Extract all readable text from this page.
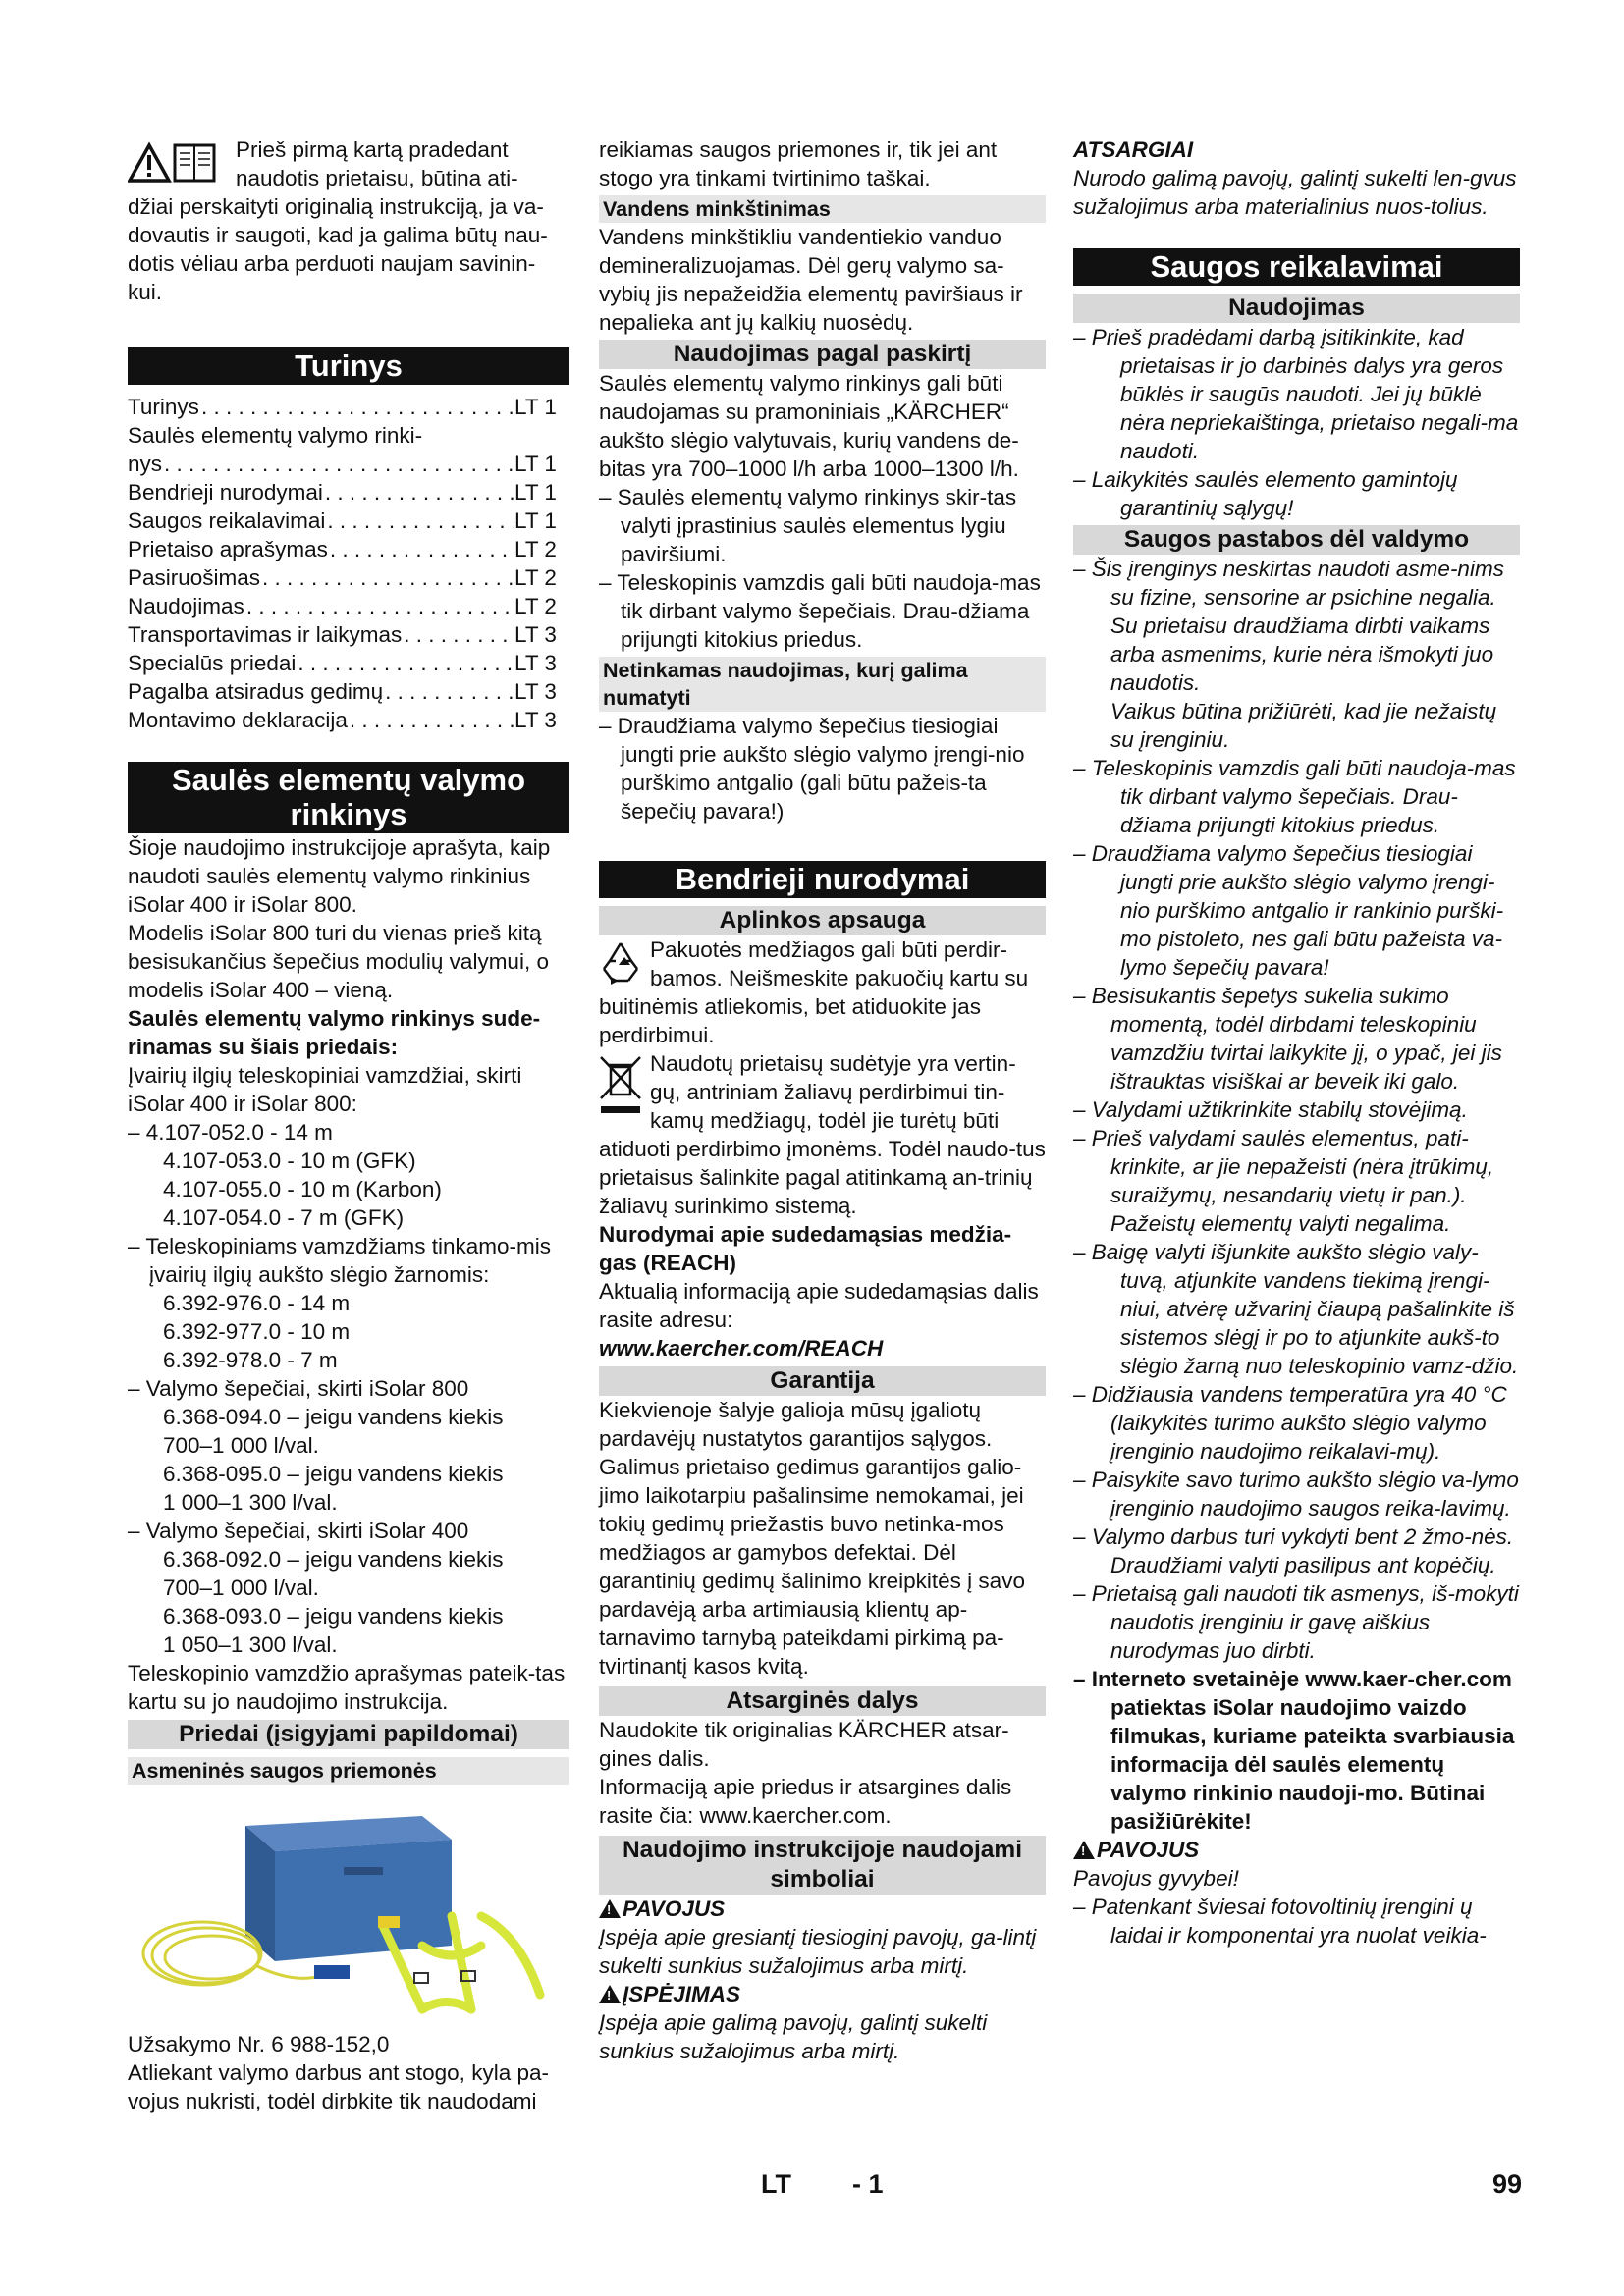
Prieš pirmą kartą pradedant

naudotis prietaisu, būtina ati-

džiai perskaityti originalią instrukciją, ja va-dovautis ir saugoti, kad ja galima būtų nau-dotis vėliau arba perduoti naujam savinin-kui.

Turinys

Turinys . . .	LT 1
Saulės elementų valymo rinki-
nys . . .	LT 1
Bendrieji nurodymai . . .	LT 1
Saugos reikalavimai . . .	LT 1
Prietaiso aprašymas . . .	LT 2
Pasiruošimas . . .	LT 2
Naudojimas . . .	LT 2
Transportavimas ir laikymas . . .	LT 3
Specialūs priedai . . .	LT 3
Pagalba atsiradus gedimų . . .	LT 3
Montavimo deklaracija . . .	LT 3

Saulės elementų valymo rinkinys

Šioje naudojimo instrukcijoje aprašyta, kaip naudoti saulės elementų valymo rinkinius iSolar 400 ir iSolar 800.

Modelis iSolar 800 turi du vienas prieš kitą besisukančius šepečius modulių valymui, o modelis iSolar 400 – vieną.

Saulės elementų valymo rinkinys sude-rinamas su šiais priedais:

Įvairių ilgių teleskopiniai vamzdžiai, skirti iSolar 400 ir iSolar 800:

– 4.107-052.0 - 14 m

4.107-053.0 - 10 m (GFK)

4.107-055.0 - 10 m (Karbon)

4.107-054.0 - 7 m (GFK)

– Teleskopiniams vamzdžiams tinkamo-mis įvairių ilgių aukšto slėgio žarnomis:

6.392-976.0 - 14 m

6.392-977.0 - 10 m

6.392-978.0 - 7 m

– Valymo šepečiai, skirti iSolar 800

6.368-094.0 – jeigu vandens kiekis

700–1 000 l/val.

6.368-095.0 – jeigu vandens kiekis

1 000–1 300 l/val.

– Valymo šepečiai, skirti iSolar 400

6.368-092.0 – jeigu vandens kiekis

700–1 000 l/val.

6.368-093.0 – jeigu vandens kiekis

1 050–1 300 l/val.

Teleskopinio vamzdžio aprašymas pateik-tas kartu su jo naudojimo instrukcija.

Priedai (įsigyjami papildomai)

Asmeninės saugos priemonės

Užsakymo Nr. 6 988-152,0

Atliekant valymo darbus ant stogo, kyla pa-vojus nukristi, todėl dirbkite tik naudodami

reikiamas saugos priemones ir, tik jei ant stogo yra tinkami tvirtinimo taškai.

Vandens minkštinimas

Vandens minkštikliu vandentiekio vanduo demineralizuojamas. Dėl gerų valymo sa-vybių jis nepažeidžia elementų paviršiaus ir nepalieka ant jų kalkių nuosėdų.

Naudojimas pagal paskirtį

Saulės elementų valymo rinkinys gali būti naudojamas su pramoniniais „KÄRCHER“ aukšto slėgio valytuvais, kurių vandens de-bitas yra 700–1000 l/h arba 1000–1300 l/h.

– Saulės elementų valymo rinkinys skir-tas valyti įprastinius saulės elementus lygiu paviršiumi.

– Teleskopinis vamzdis gali būti naudoja-mas tik dirbant valymo šepečiais. Drau-džiama prijungti kitokius priedus.

Netinkamas naudojimas, kurį galima numatyti

– Draudžiama valymo šepečius tiesiogiai jungti prie aukšto slėgio valymo įrengi-nio purškimo antgalio (gali būtu pažeis-ta šepečių pavara!)

Bendrieji nurodymai

Aplinkos apsauga

Pakuotės medžiagos gali būti perdir-bamos. Neišmeskite pakuočių kartu su buitinėmis atliekomis, bet atiduokite jas perdirbimui.

Naudotų prietaisų sudėtyje yra vertin-gų, antriniam žaliavų perdirbimui tin-kamų medžiagų, todėl jie turėtų būti atiduoti perdirbimo įmonėms. Todėl naudo-tus prietaisus šalinkite pagal atitinkamą an-trinių žaliavų surinkimo sistemą.

Nurodymai apie sudedamąsias medžia-gas (REACH)

Aktualią informaciją apie sudedamąsias dalis rasite adresu:

www.kaercher.com/REACH

Garantija

Kiekvienoje šalyje galioja mūsų įgaliotų pardavėjų nustatytos garantijos sąlygos. Galimus prietaiso gedimus garantijos galio-jimo laikotarpiu pašalinsime nemokamai, jei tokių gedimų priežastis buvo netinka-mos medžiagos ar gamybos defektai. Dėl garantinių gedimų šalinimo kreipkitės į savo pardavėją arba artimiausią klientų ap-tarnavimo tarnybą pateikdami pirkimą pa-tvirtinantį kasos kvitą.

Atsarginės dalys

Naudokite tik originalias KÄRCHER atsar-gines dalis.

Informaciją apie priedus ir atsargines dalis rasite čia: www.kaercher.com.

Naudojimo instrukcijoje naudojami simboliai

!PAVOJUS

Įspėja apie gresiantį tiesioginį pavojų, ga-lintį sukelti sunkius sužalojimus arba mirtį.

!ĮSPĖJIMAS

Įspėja apie galimą pavojų, galintį sukelti sunkius sužalojimus arba mirtį.

ATSARGIAI

Nurodo galimą pavojų, galintį sukelti len-gvus sužalojimus arba materialinius nuos-tolius.

Saugos reikalavimai

Naudojimas

– Prieš pradėdami darbą įsitikinkite, kad prietaisas ir jo darbinės dalys yra geros būklės ir saugūs naudoti. Jei jų būklė nėra nepriekaištinga, prietaiso negali-ma naudoti.

– Laikykitės saulės elemento gamintojų garantinių sąlygų!

Saugos pastabos dėl valdymo

– Šis įrenginys neskirtas naudoti asme-nims su fizine, sensorine ar psichine negalia.

Su prietaisu draudžiama dirbti vaikams arba asmenims, kurie nėra išmokyti juo naudotis.

Vaikus būtina prižiūrėti, kad jie nežaistų su įrenginiu.

– Teleskopinis vamzdis gali būti naudoja-mas tik dirbant valymo šepečiais. Drau-džiama prijungti kitokius priedus.

– Draudžiama valymo šepečius tiesiogiai jungti prie aukšto slėgio valymo įrengi-nio purškimo antgalio ir rankinio purški-mo pistoleto, nes gali būtu pažeista va-lymo šepečių pavara!

– Besisukantis šepetys sukelia sukimo momentą, todėl dirbdami teleskopiniu vamzdžiu tvirtai laikykite jį, o ypač, jei jis ištrauktas visiškai ar beveik iki galo.

– Valydami užtikrinkite stabilų stovėjimą.

– Prieš valydami saulės elementus, pati-krinkite, ar jie nepažeisti (nėra įtrūkimų, suraižymų, nesandarių vietų ir pan.). Pažeistų elementų valyti negalima.

– Baigę valyti išjunkite aukšto slėgio valy-tuvą, atjunkite vandens tiekimą įrengi-niui, atvėrę užvarinį čiaupą pašalinkite iš sistemos slėgį ir po to atjunkite aukš-to slėgio žarną nuo teleskopinio vamz-džio.

– Didžiausia vandens temperatūra yra 40 °C (laikykitės turimo aukšto slėgio valymo įrenginio naudojimo reikalavi-mų).

– Paisykite savo turimo aukšto slėgio va-lymo įrenginio naudojimo saugos reika-lavimų.

– Valymo darbus turi vykdyti bent 2 žmo-nės.

Draudžiami valyti pasilipus ant kopėčių.

– Prietaisą gali naudoti tik asmenys, iš-mokyti naudotis įrenginiu ir gavę aiškius nurodymas juo dirbti.

– Interneto svetainėje www.kaer-cher.com patiektas iSolar naudojimo vaizdo filmukas, kuriame pateikta svarbiausia informacija dėl saulės elementų valymo rinkinio naudoji-mo. Būtinai pasižiūrėkite!

!PAVOJUS

Pavojus gyvybei!

– Patenkant šviesai fotovoltinių įrengini ų laidai ir komponentai yra nuolat veikia-

LT - 1	99
